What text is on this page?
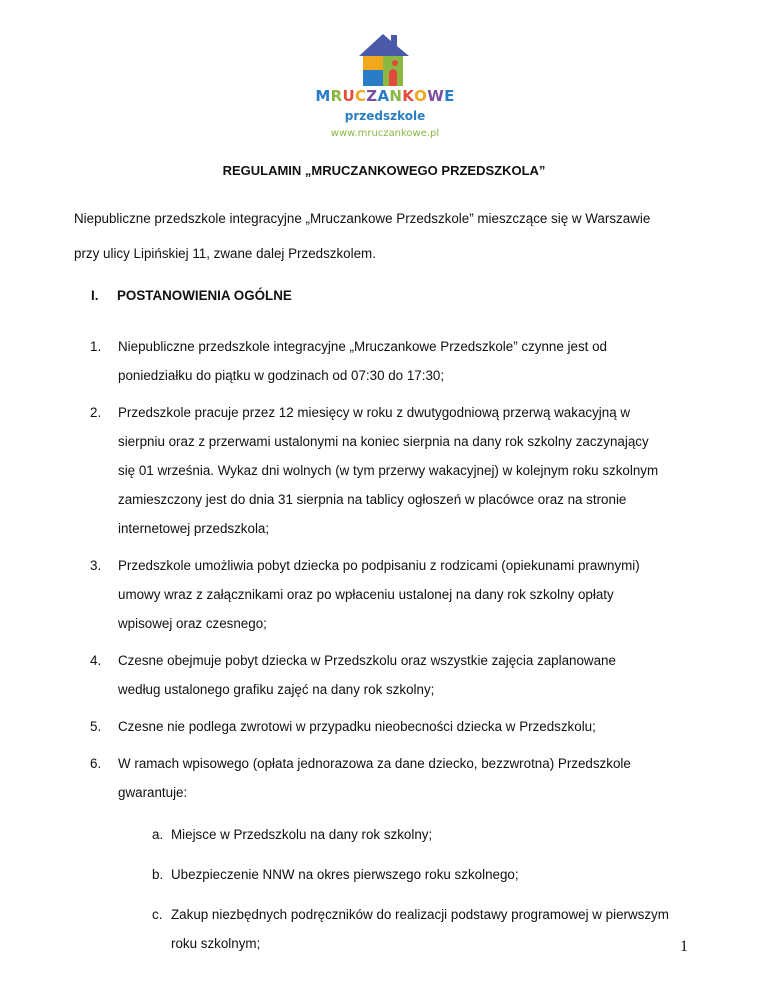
MRUCZANKOWE
przedszkole
www.mruczankowe.pl
REGULAMIN „MRUCZANKOWEGO PRZEDSZKOLA”

Niepubliczne przedszkole integracyjne „Mruczankowe Przedszkole” mieszczące się w Warszawie
przy ulicy Lipińskiej 11, zwane dalej Przedszkolem.

I. POSTANOWIENIA OGÓLNE
1. Niepubliczne przedszkole integracyjne „Mruczankowe Przedszkole” czynne jest od
poniedziałku do piątku w godzinach od 07:30 do 17:30;
2. Przedszkole pracuje przez 12 miesięcy w roku z dwutygodniową przerwą wakacyjną w
sierpniu oraz z przerwami ustalonymi na koniec sierpnia na dany rok szkolny zaczynający
się 01 września. Wykaz dni wolnych (w tym przerwy wakacyjnej) w kolejnym roku szkolnym
zamieszczony jest do dnia 31 sierpnia na tablicy ogłoszeń w placówce oraz na stronie
internetowej przedszkola;
3. Przedszkole umożliwia pobyt dziecka po podpisaniu z rodzicami (opiekunami prawnymi)
umowy wraz z załącznikami oraz po wpłaceniu ustalonej na dany rok szkolny opłaty
wpisowej oraz czesnego;
4. Czesne obejmuje pobyt dziecka w Przedszkolu oraz wszystkie zajęcia zaplanowane
według ustalonego grafiku zajęć na dany rok szkolny;
5. Czesne nie podlega zwrotowi w przypadku nieobecności dziecka w Przedszkolu;
6. W ramach wpisowego (opłata jednorazowa za dane dziecko, bezzwrotna) Przedszkole
gwarantuje:
a. Miejsce w Przedszkolu na dany rok szkolny;
b. Ubezpieczenie NNW na okres pierwszego roku szkolnego;
c. Zakup niezbędnych podręczników do realizacji podstawy programowej w pierwszym
roku szkolnym;	1
